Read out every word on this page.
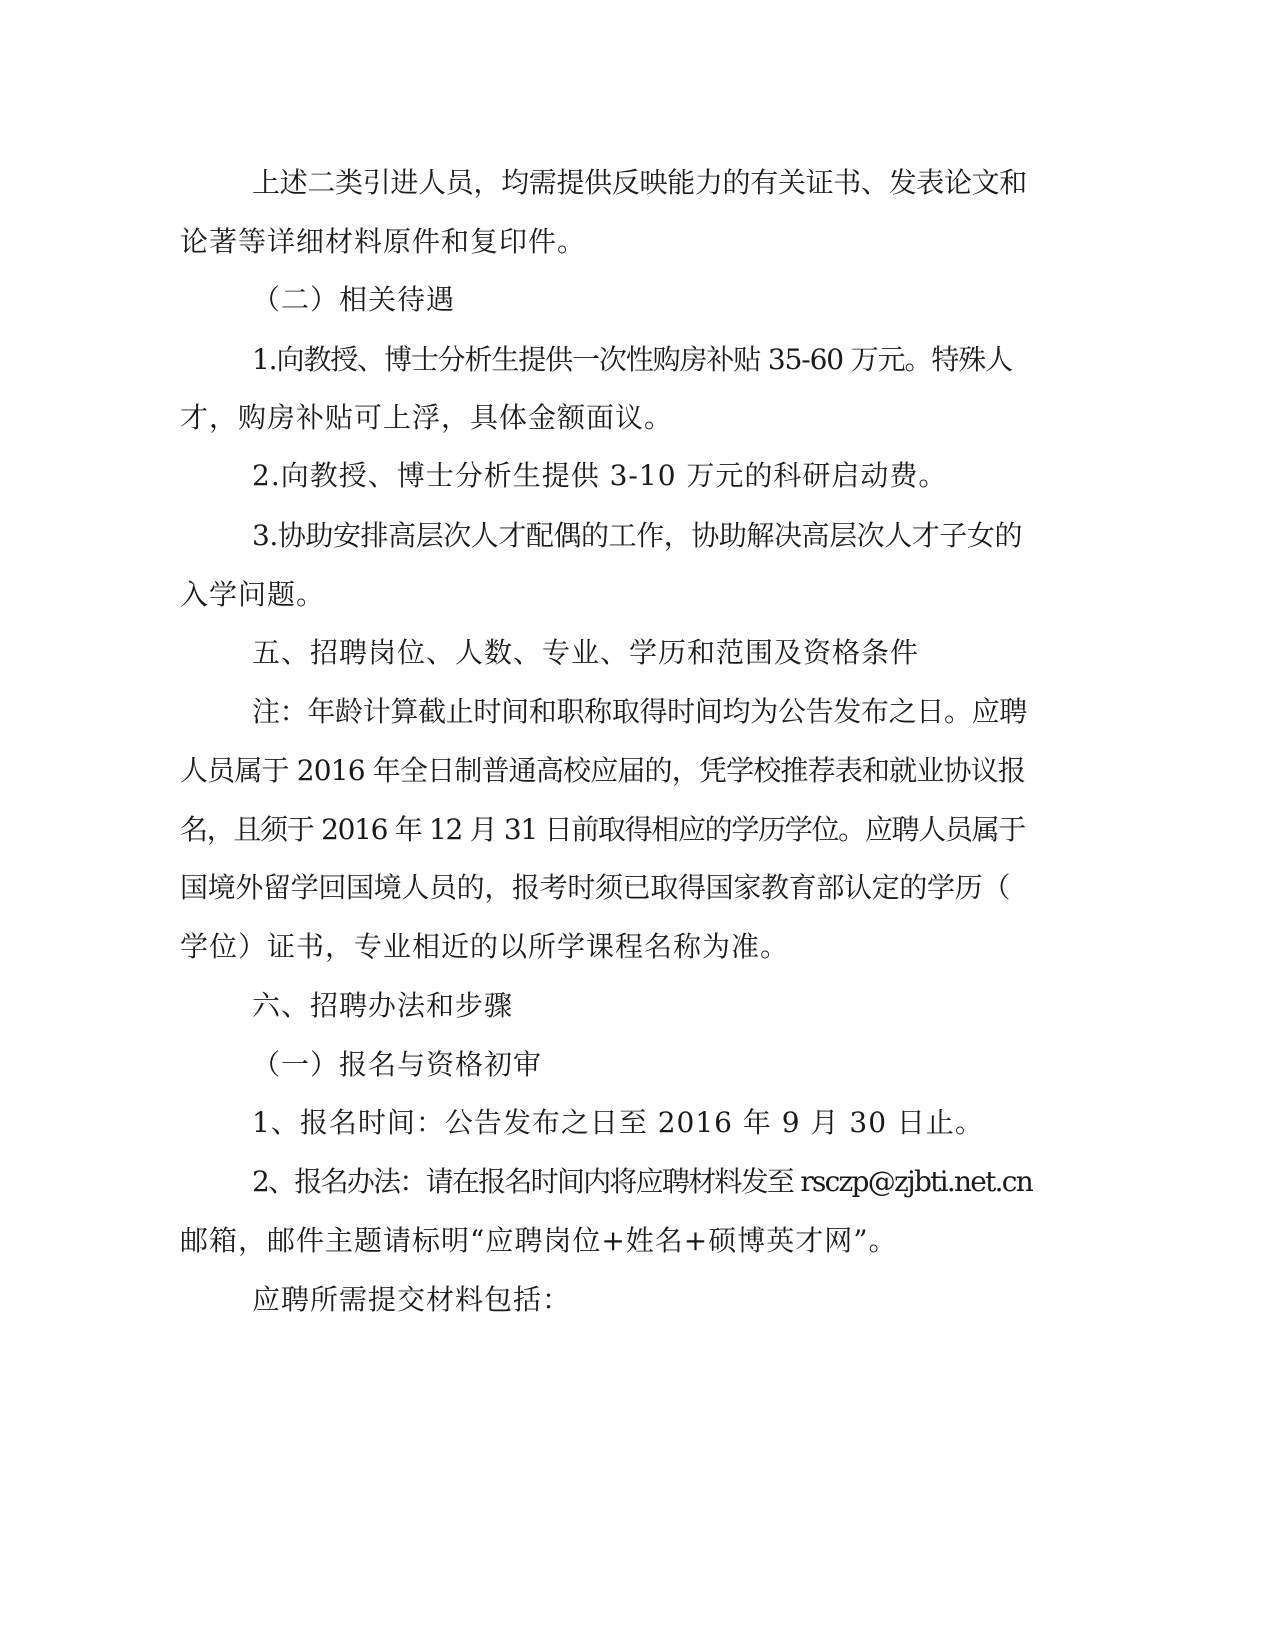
上述二类引进人员，均需提供反映能力的有关证书、发表论文和
论著等详细材料原件和复印件。
（二）相关待遇
1.向教授、博士分析生提供一次性购房补贴 35-60 万元。特殊人
才，购房补贴可上浮，具体金额面议。
2.向教授、博士分析生提供 3-10 万元的科研启动费。
3.协助安排高层次人才配偶的工作，协助解决高层次人才子女的
入学问题。
五、招聘岗位、人数、专业、学历和范围及资格条件
注：年龄计算截止时间和职称取得时间均为公告发布之日。应聘
人员属于 2016 年全日制普通高校应届的，凭学校推荐表和就业协议报
名，且须于 2016 年 12 月 31 日前取得相应的学历学位。应聘人员属于
国境外留学回国境人员的，报考时须已取得国家教育部认定的学历（
学位）证书，专业相近的以所学课程名称为准。
六、招聘办法和步骤
（一）报名与资格初审
1、报名时间：公告发布之日至 2016 年 9 月 30 日止。
2、报名办法：请在报名时间内将应聘材料发至 rsczp@zjbti.net.cn
邮箱，邮件主题请标明“应聘岗位+姓名+硕博英才网”。
应聘所需提交材料包括：
